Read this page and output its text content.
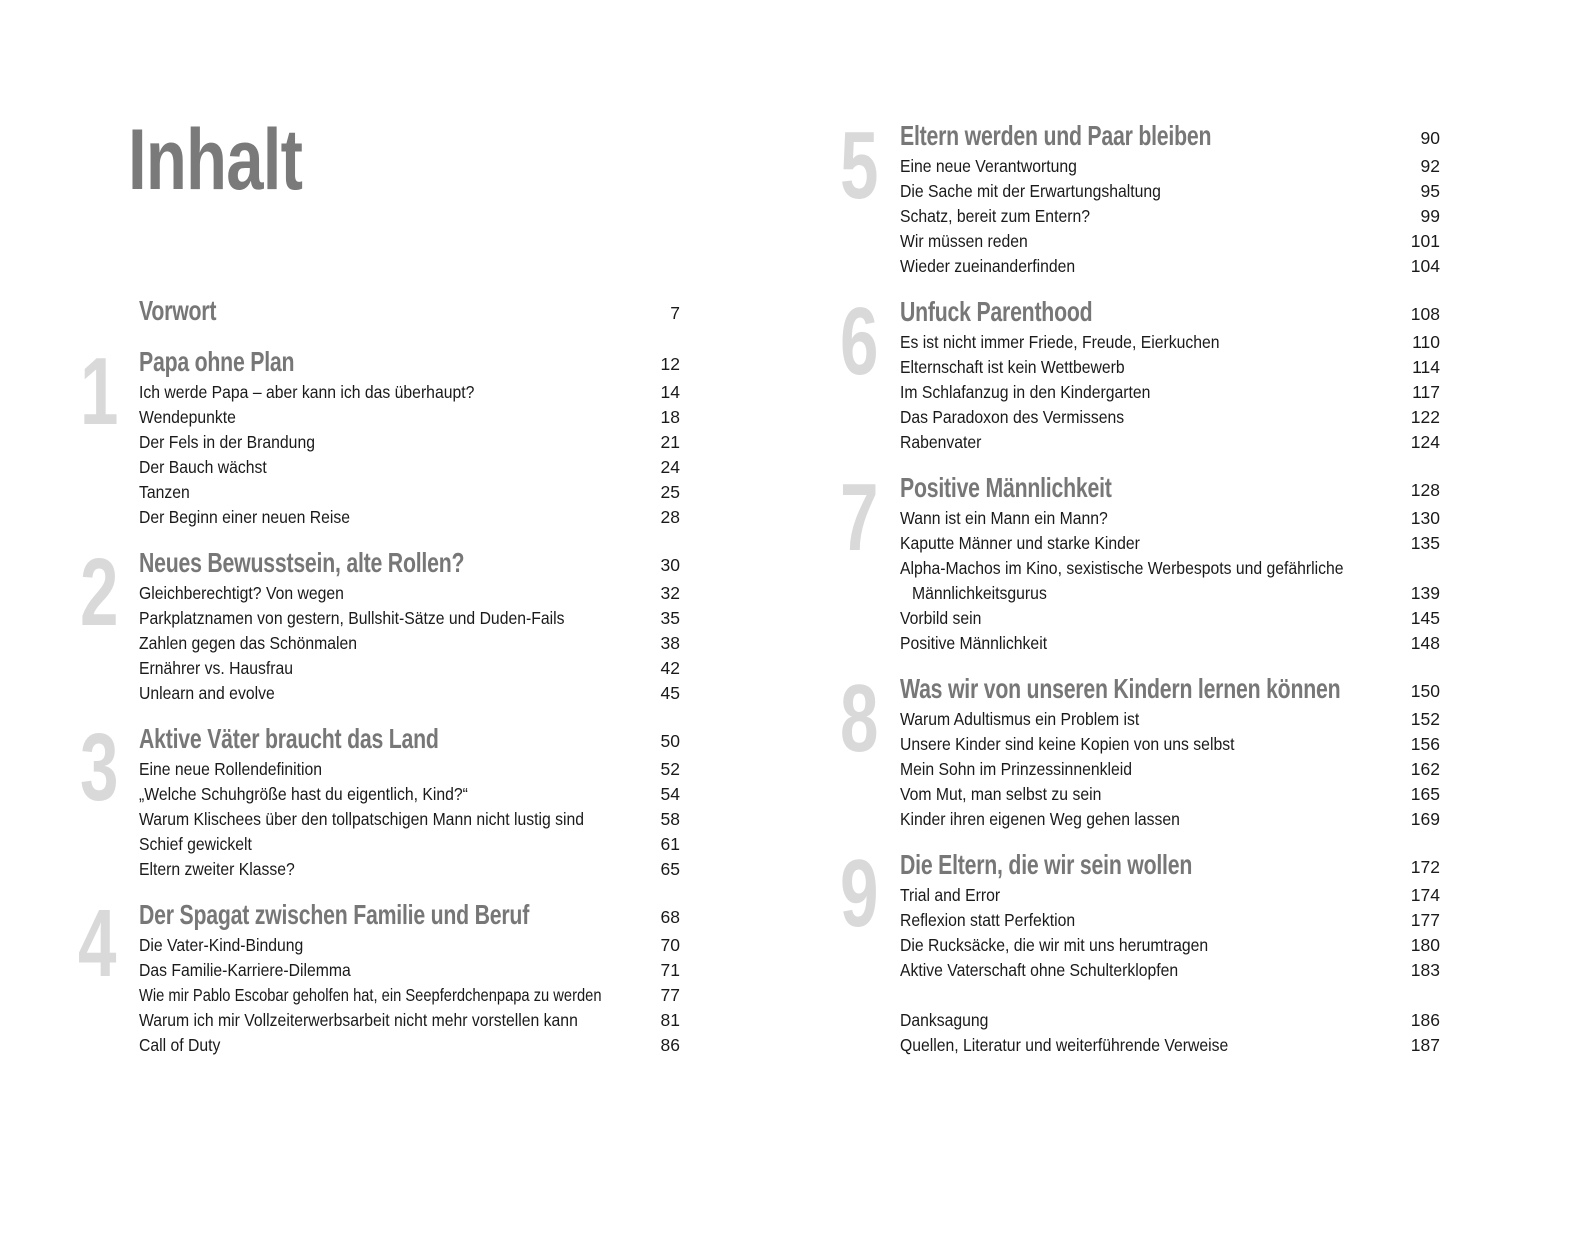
Inhalt
Vorwort	7
1 Papa ohne Plan	12
Ich werde Papa – aber kann ich das überhaupt?	14
Wendepunkte	18
Der Fels in der Brandung	21
Der Bauch wächst	24
Tanzen	25
Der Beginn einer neuen Reise	28
2 Neues Bewusstsein, alte Rollen?	30
Gleichberechtigt? Von wegen	32
Parkplatznamen von gestern, Bullshit-Sätze und Duden-Fails	35
Zahlen gegen das Schönmalen	38
Ernährer vs. Hausfrau	42
Unlearn and evolve	45
3 Aktive Väter braucht das Land	50
Eine neue Rollendefinition	52
„Welche Schuhgröße hast du eigentlich, Kind?“	54
Warum Klischees über den tollpatschigen Mann nicht lustig sind	58
Schief gewickelt	61
Eltern zweiter Klasse?	65
4 Der Spagat zwischen Familie und Beruf	68
Die Vater-Kind-Bindung	70
Das Familie-Karriere-Dilemma	71
Wie mir Pablo Escobar geholfen hat, ein Seepferdchenpapa zu werden	77
Warum ich mir Vollzeiterwerbsarbeit nicht mehr vorstellen kann	81
Call of Duty	86
5 Eltern werden und Paar bleiben	90
Eine neue Verantwortung	92
Die Sache mit der Erwartungshaltung	95
Schatz, bereit zum Entern?	99
Wir müssen reden	101
Wieder zueinanderfinden	104
6 Unfuck Parenthood	108
Es ist nicht immer Friede, Freude, Eierkuchen	110
Elternschaft ist kein Wettbewerb	114
Im Schlafanzug in den Kindergarten	117
Das Paradoxon des Vermissens	122
Rabenvater	124
7 Positive Männlichkeit	128
Wann ist ein Mann ein Mann?	130
Kaputte Männer und starke Kinder	135
Alpha-Machos im Kino, sexistische Werbespots und gefährliche
Männlichkeitsgurus	139
Vorbild sein	145
Positive Männlichkeit	148
8 Was wir von unseren Kindern lernen können	150
Warum Adultismus ein Problem ist	152
Unsere Kinder sind keine Kopien von uns selbst	156
Mein Sohn im Prinzessinnenkleid	162
Vom Mut, man selbst zu sein	165
Kinder ihren eigenen Weg gehen lassen	169
9 Die Eltern, die wir sein wollen	172
Trial and Error	174
Reflexion statt Perfektion	177
Die Rucksäcke, die wir mit uns herumtragen	180
Aktive Vaterschaft ohne Schulterklopfen	183
Danksagung	186
Quellen, Literatur und weiterführende Verweise	187
